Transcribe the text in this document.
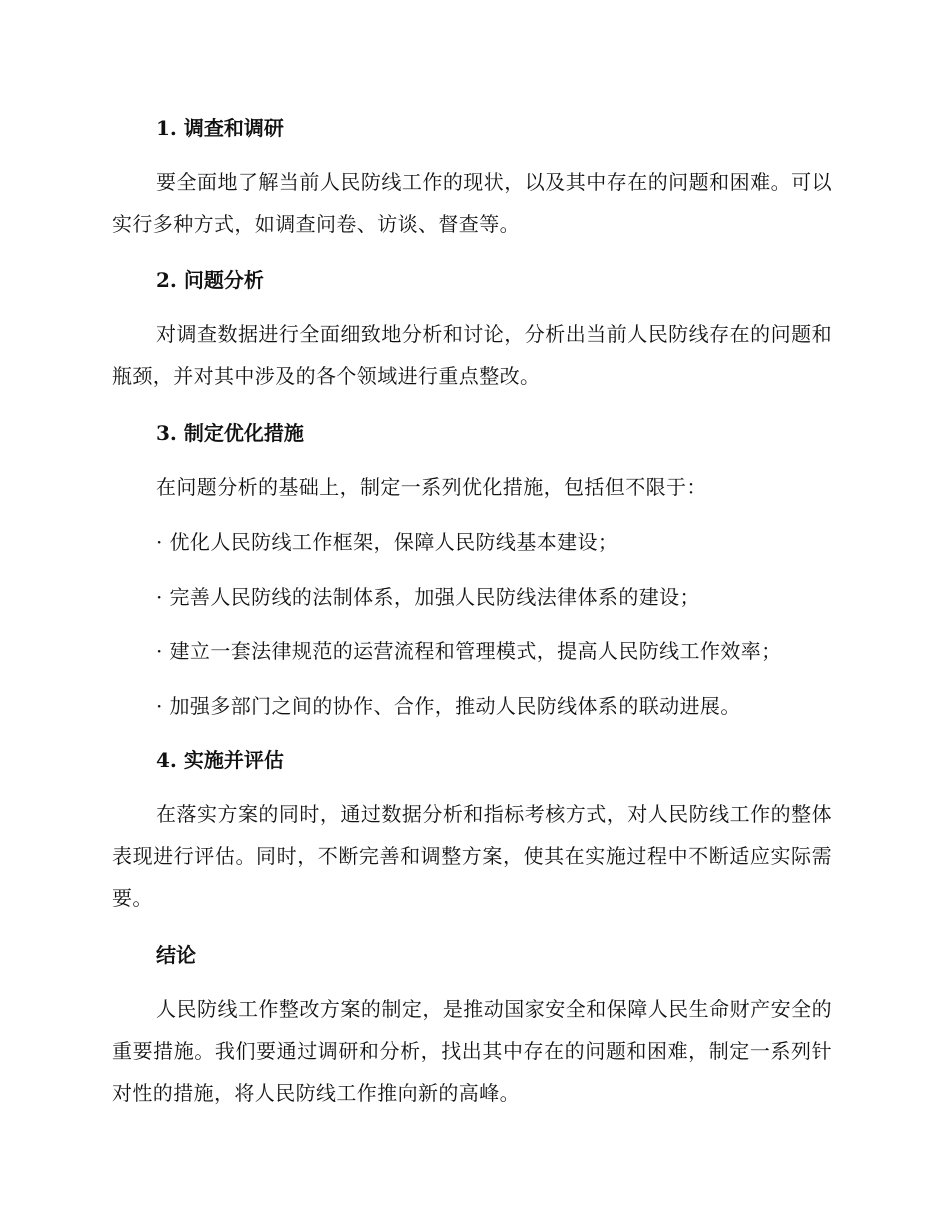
1. 调查和调研

要全面地了解当前人民防线工作的现状，以及其中存在的问题和困难。可以实行多种方式，如调查问卷、访谈、督查等。

2. 问题分析

对调查数据进行全面细致地分析和讨论，分析出当前人民防线存在的问题和瓶颈，并对其中涉及的各个领域进行重点整改。

3. 制定优化措施

在问题分析的基础上，制定一系列优化措施，包括但不限于：

· 优化人民防线工作框架，保障人民防线基本建设；

· 完善人民防线的法制体系，加强人民防线法律体系的建设；

· 建立一套法律规范的运营流程和管理模式，提高人民防线工作效率；

· 加强多部门之间的协作、合作，推动人民防线体系的联动进展。

4. 实施并评估

在落实方案的同时，通过数据分析和指标考核方式，对人民防线工作的整体表现进行评估。同时，不断完善和调整方案，使其在实施过程中不断适应实际需要。

结论

人民防线工作整改方案的制定，是推动国家安全和保障人民生命财产安全的重要措施。我们要通过调研和分析，找出其中存在的问题和困难，制定一系列针对性的措施，将人民防线工作推向新的高峰。
